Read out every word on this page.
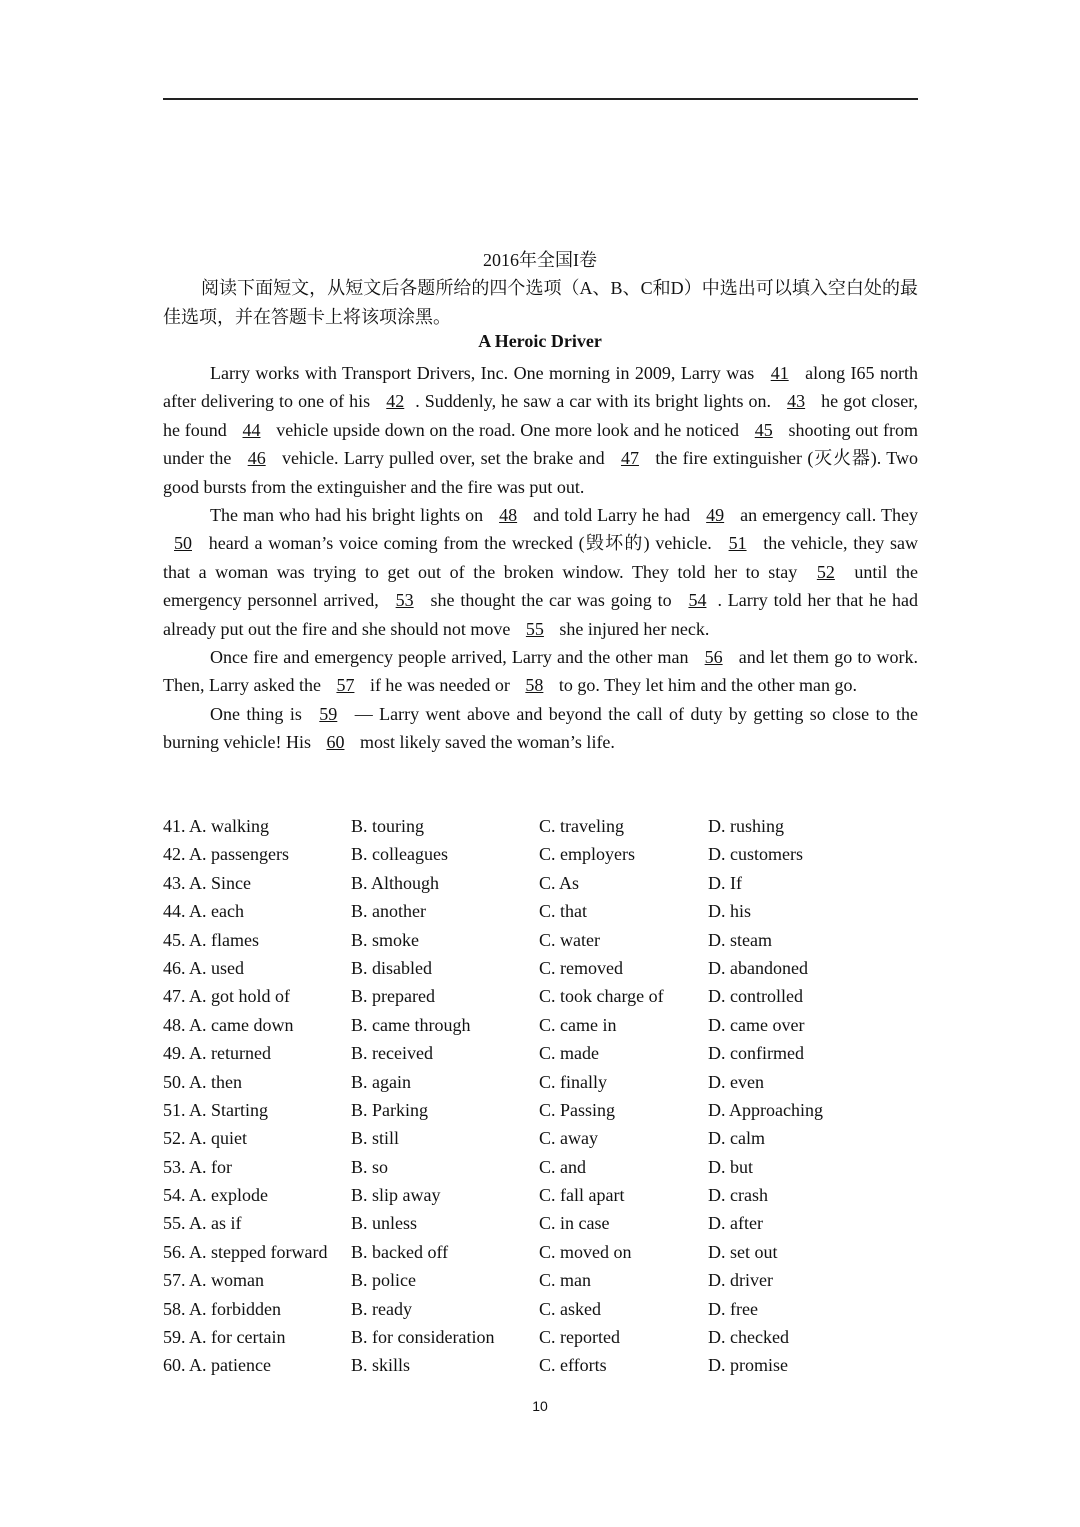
2016年全国I卷
阅读下面短文，从短文后各题所给的四个选项（A、B、C和D）中选出可以填入空白处的最佳选项，并在答题卡上将该项涂黑。
A Heroic Driver

Larry works with Transport Drivers, Inc. One morning in 2009, Larry was 41 along I65 north after delivering to one of his 42 . Suddenly, he saw a car with its bright lights on. 43 he got closer, he found 44 vehicle upside down on the road. One more look and he noticed 45 shooting out from under the 46 vehicle. Larry pulled over, set the brake and 47 the fire extinguisher (灭火器). Two good bursts from the extinguisher and the fire was put out.

The man who had his bright lights on 48 and told Larry he had 49 an emergency call. They 50 heard a woman’s voice coming from the wrecked (毁坏的) vehicle. 51 the vehicle, they saw that a woman was trying to get out of the broken window. They told her to stay 52 until the emergency personnel arrived, 53 she thought the car was going to 54 . Larry told her that he had already put out the fire and she should not move 55 she injured her neck.

Once fire and emergency people arrived, Larry and the other man 56 and let them go to work. Then, Larry asked the 57 if he was needed or 58 to go. They let him and the other man go.

One thing is 59 — Larry went above and beyond the call of duty by getting so close to the burning vehicle! His 60 most likely saved the woman’s life.

41. A. walking	B. touring	C. traveling	D. rushing
42. A. passengers	B. colleagues	C. employers	D. customers
43. A. Since	B. Although	C. As	D. If
44. A. each	B. another	C. that	D. his
45. A. flames	B. smoke	C. water	D. steam
46. A. used	B. disabled	C. removed	D. abandoned
47. A. got hold of	B. prepared	C. took charge of D. controlled
48. A. came down	B. came through	C. came in	D. came over
49. A. returned	B. received	C. made	D. confirmed
50. A. then	B. again	C. finally	D. even
51. A. Starting	B. Parking	C. Passing	D. Approaching
52. A. quiet	B. still	C. away	D. calm
53. A. for	B. so	C. and	D. but
54. A. explode	B. slip away	C. fall apart	D. crash
55. A. as if	B. unless	C. in case	D. after
56. A. stepped forward B. backed off	C. moved on	D. set out
57. A. woman	B. police	C. man	D. driver
58. A. forbidden	B. ready	C. asked	D. free
59. A. for certain	B. for consideration C. reported	D. checked
60. A. patience	B. skills	C. efforts	D. promise
10
